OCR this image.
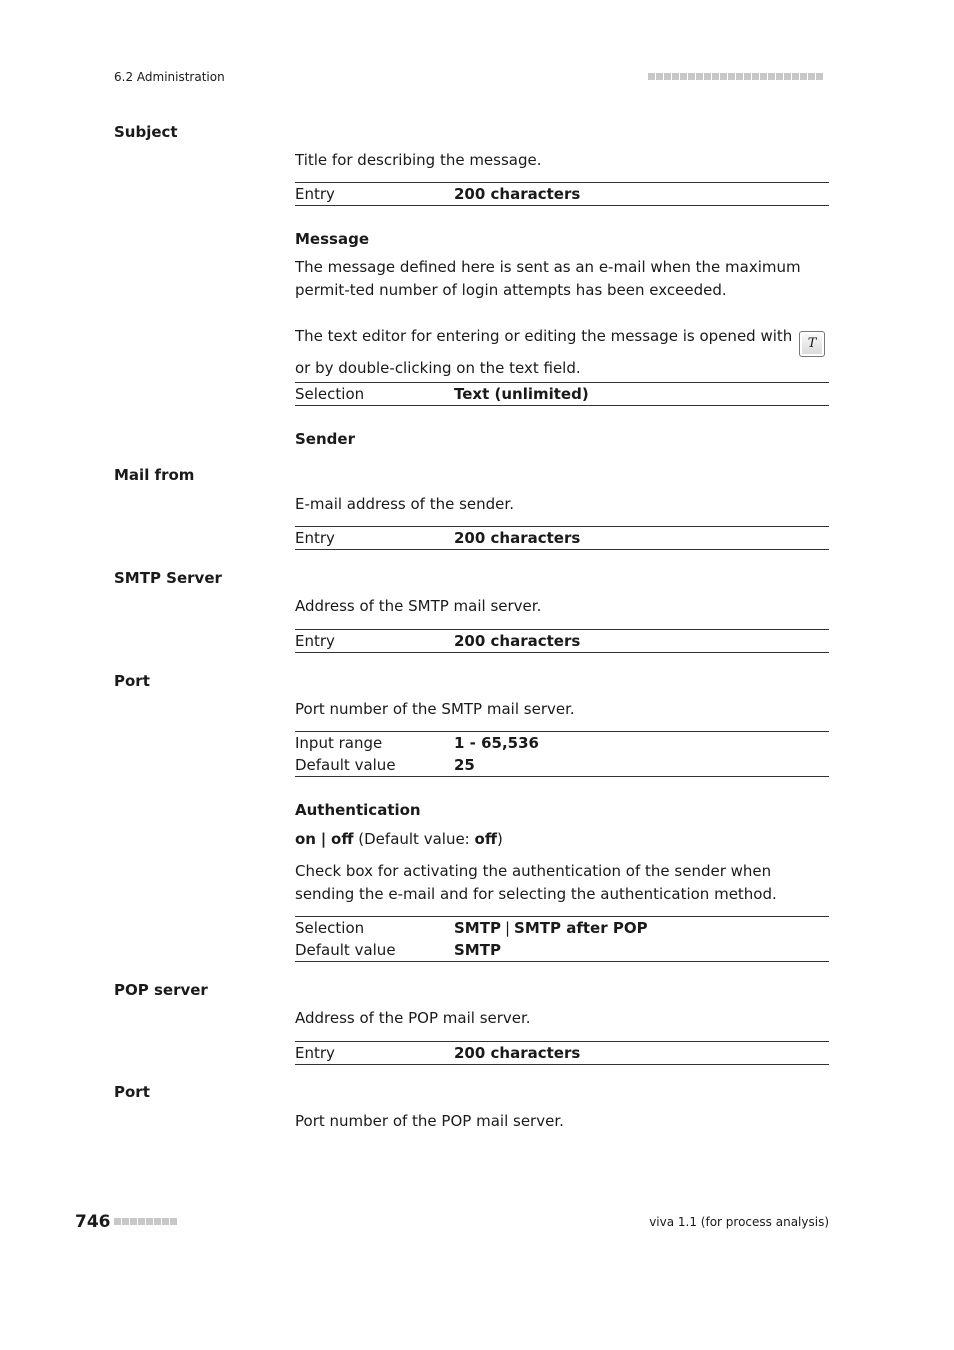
6.2 Administration
Subject
Title for describing the message.
Entry	200 characters
Message
The message defined here is sent as an e-mail when the maximum permit-ted number of login attempts has been exceeded.
The text editor for entering or editing the message is opened with T or by double-clicking on the text field.
Selection	Text (unlimited)
Sender
Mail from
E-mail address of the sender.
Entry	200 characters
SMTP Server
Address of the SMTP mail server.
Entry	200 characters
Port
Port number of the SMTP mail server.
Input range	1 - 65,536
Default value	25
Authentication
on | off (Default value: off)
Check box for activating the authentication of the sender when sending the e-mail and for selecting the authentication method.
Selection	SMTP | SMTP after POP
Default value	SMTP
POP server
Address of the POP mail server.
Entry	200 characters
Port
Port number of the POP mail server.
746	viva 1.1 (for process analysis)
